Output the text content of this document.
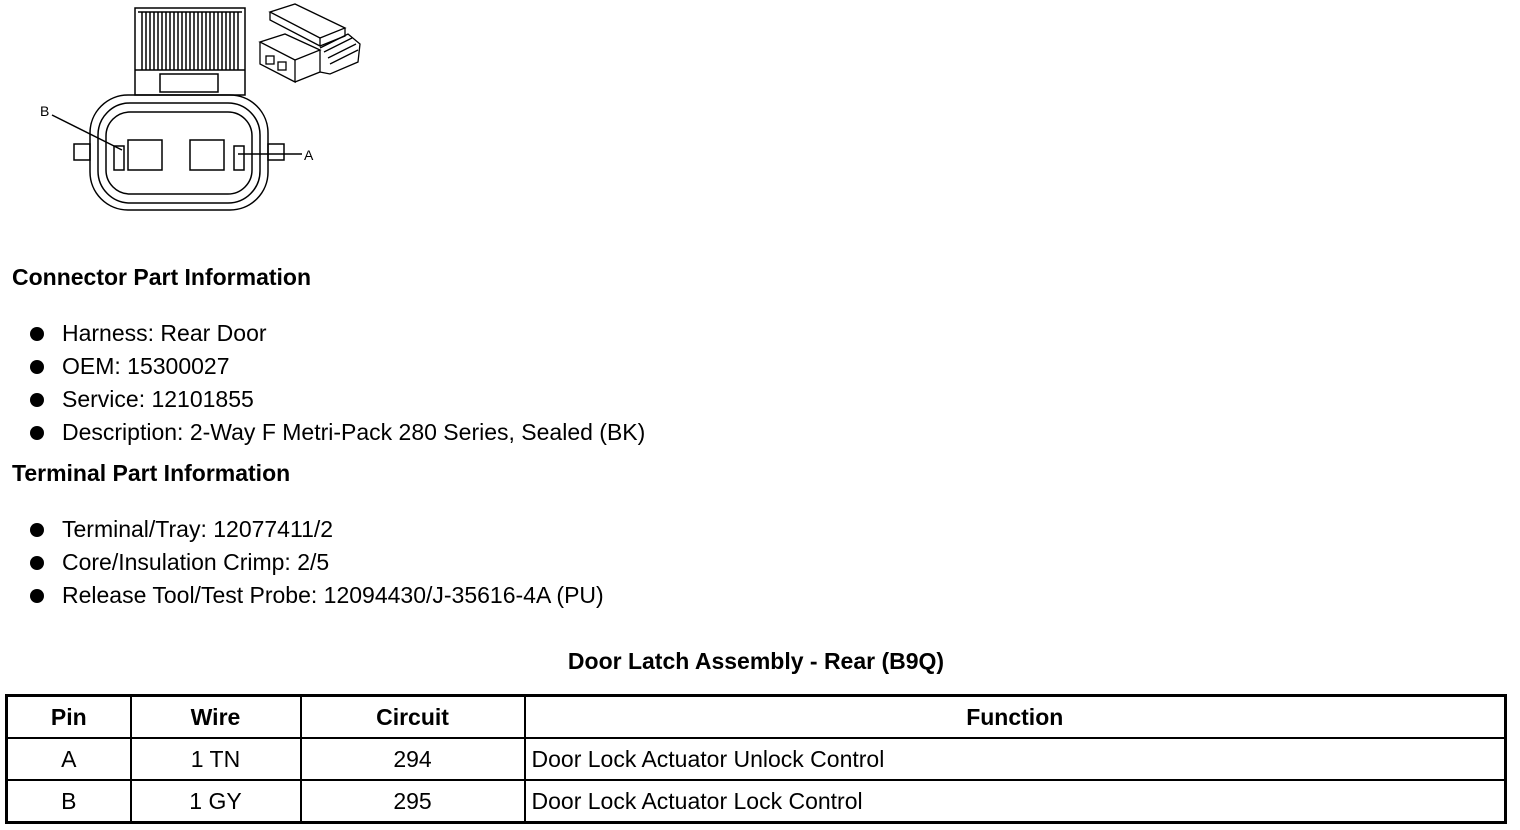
B
A
Connector Part Information
Harness: Rear Door
OEM: 15300027
Service: 12101855
Description: 2-Way F Metri-Pack 280 Series, Sealed (BK)
Terminal Part Information
Terminal/Tray: 12077411/2
Core/Insulation Crimp: 2/5
Release Tool/Test Probe: 12094430/J-35616-4A (PU)
Door Latch Assembly - Rear (B9Q)
Pin	Wire	Circuit	Function
A	1 TN	294	Door Lock Actuator Unlock Control
B	1 GY	295	Door Lock Actuator Lock Control
